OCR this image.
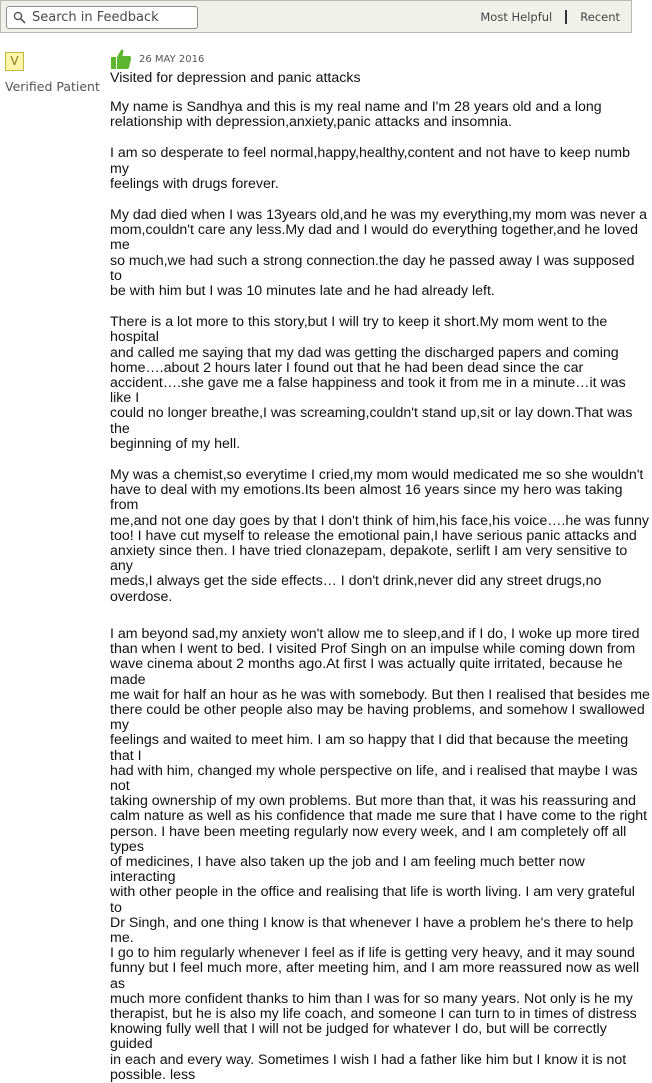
Search in Feedback
Most Helpful Recent
V
Verified Patient
26 MAY 2016
Visited for depression and panic attacks

My name is Sandhya and this is my real name and I'm 28 years old and a long
relationship with depression,anxiety,panic attacks and insomnia.

I am so desperate to feel normal,happy,healthy,content and not have to keep numb my
feelings with drugs forever.

My dad died when I was 13years old,and he was my everything,my mom was never a
mom,couldn't care any less.My dad and I would do everything together,and he loved me
so much,we had such a strong connection.the day he passed away I was supposed to
be with him but I was 10 minutes late and he had already left.

There is a lot more to this story,but I will try to keep it short.My mom went to the hospital
and called me saying that my dad was getting the discharged papers and coming
home….about 2 hours later I found out that he had been dead since the car
accident….she gave me a false happiness and took it from me in a minute…it was like I
could no longer breathe,I was screaming,couldn't stand up,sit or lay down.That was the
beginning of my hell.

My was a chemist,so everytime I cried,my mom would medicated me so she wouldn't
have to deal with my emotions.Its been almost 16 years since my hero was taking from
me,and not one day goes by that I don't think of him,his face,his voice….he was funny
too! I have cut myself to release the emotional pain,I have serious panic attacks and
anxiety since then. I have tried clonazepam, depakote, serlift I am very sensitive to any
meds,I always get the side effects… I don't drink,never did any street drugs,no
overdose.

I am beyond sad,my anxiety won't allow me to sleep,and if I do, I woke up more tired
than when I went to bed. I visited Prof Singh on an impulse while coming down from
wave cinema about 2 months ago.At first I was actually quite irritated, because he made
me wait for half an hour as he was with somebody. But then I realised that besides me
there could be other people also may be having problems, and somehow I swallowed my
feelings and waited to meet him. I am so happy that I did that because the meeting that I
had with him, changed my whole perspective on life, and i realised that maybe I was not
taking ownership of my own problems. But more than that, it was his reassuring and
calm nature as well as his confidence that made me sure that I have come to the right
person. I have been meeting regularly now every week, and I am completely off all types
of medicines, I have also taken up the job and I am feeling much better now interacting
with other people in the office and realising that life is worth living. I am very grateful to
Dr Singh, and one thing I know is that whenever I have a problem he's there to help me.
I go to him regularly whenever I feel as if life is getting very heavy, and it may sound
funny but I feel much more, after meeting him, and I am more reassured now as well as
much more confident thanks to him than I was for so many years. Not only is he my
therapist, but he is also my life coach, and someone I can turn to in times of distress
knowing fully well that I will not be judged for whatever I do, but will be correctly guided
in each and every way. Sometimes I wish I had a father like him but I know it is not
possible. less
